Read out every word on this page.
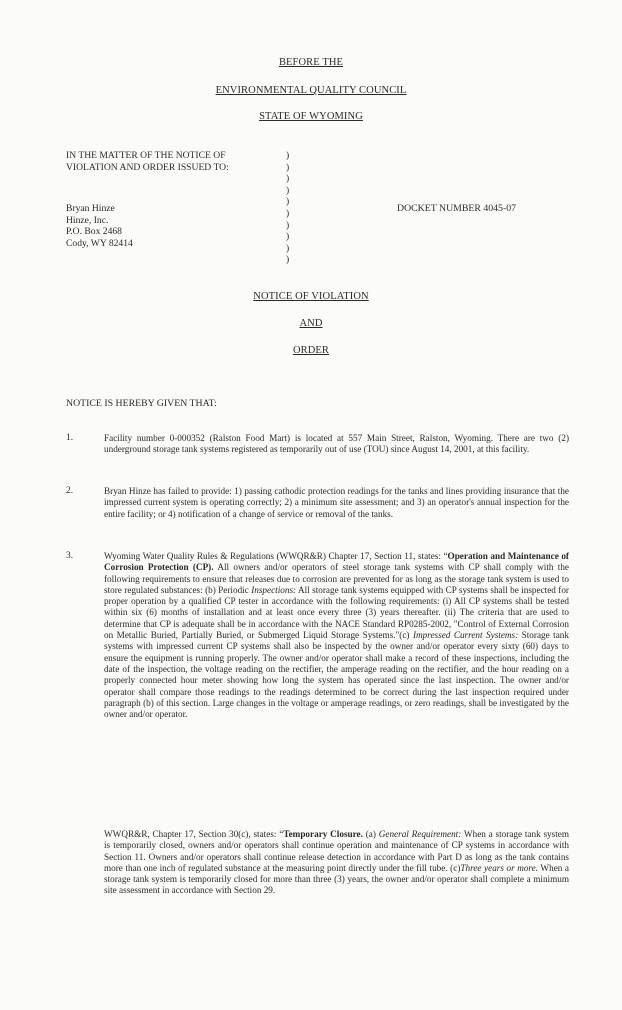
BEFORE THE
ENVIRONMENTAL QUALITY COUNCIL
STATE OF WYOMING
IN THE MATTER OF THE NOTICE OF
VIOLATION AND ORDER ISSUED TO:
Bryan Hinze
Hinze, Inc.
P.O. Box 2468
Cody, WY 82414
)
)
)
)
)
)
)
)
)
)
DOCKET NUMBER 4045-07
NOTICE OF VIOLATION
AND
ORDER
NOTICE IS HEREBY GIVEN THAT:
1.	Facility number 0-000352 (Ralston Food Mart) is located at 557 Main Street, Ralston, Wyoming. There are two (2) underground storage tank systems registered as temporarily out of use (TOU) since August 14, 2001, at this facility.

2.	Bryan Hinze has failed to provide: 1) passing cathodic protection readings for the tanks and lines providing insurance that the impressed current system is operating correctly; 2) a minimum site assessment; and 3) an operator's annual inspection for the entire facility; or 4) notification of a change of service or removal of the tanks.

3.	Wyoming Water Quality Rules & Regulations (WWQR&R) Chapter 17, Section 11, states: “Operation and Maintenance of Corrosion Protection (CP). All owners and/or operators of steel storage tank systems with CP shall comply with the following requirements to ensure that releases due to corrosion are prevented for as long as the storage tank system is used to store regulated substances: (b) Periodic Inspections: All storage tank systems equipped with CP systems shall be inspected for proper operation by a qualified CP tester in accordance with the following requirements: (i) All CP systems shall be tested within six (6) months of installation and at least once every three (3) years thereafter. (ii) The criteria that are used to determine that CP is adequate shall be in accordance with the NACE Standard RP0285-2002, "Control of External Corrosion on Metallic Buried, Partially Buried, or Submerged Liquid Storage Systems."(c) Impressed Current Systems: Storage tank systems with impressed current CP systems shall also be inspected by the owner and/or operator every sixty (60) days to ensure the equipment is running properly. The owner and/or operator shall make a record of these inspections, including the date of the inspection, the voltage reading on the rectifier, the amperage reading on the rectifier, and the hour reading on a properly connected hour meter showing how long the system has operated since the last inspection. The owner and/or operator shall compare those readings to the readings determined to be correct during the last inspection required under paragraph (b) of this section. Large changes in the voltage or amperage readings, or zero readings, shall be investigated by the owner and/or operator.

WWQR&R, Chapter 17, Section 30(c), states: “Temporary Closure. (a) General Requirement: When a storage tank system is temporarily closed, owners and/or operators shall continue operation and maintenance of CP systems in accordance with Section 11. Owners and/or operators shall continue release detection in accordance with Part D as long as the tank contains more than one inch of regulated substance at the measuring point directly under the fill tube. (c)Three years or more. When a storage tank system is temporarily closed for more than three (3) years, the owner and/or operator shall complete a minimum site assessment in accordance with Section 29.
